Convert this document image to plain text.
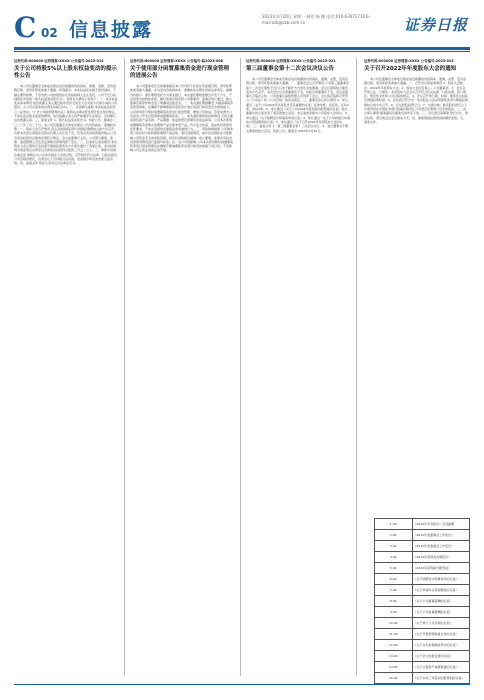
C 02 信息披露
2023年3月20日 星期一 制作:杨 柳 电话:010-63071716 E-mail:zzb@zzb.com.cn	证券日报
证券代码:000000 证券简称:XXXX 公告编号:2023-012
关于公司持股5%以上股东权益变动的提示性公告

本公司及董事会全体成员保证信息披露的内容真实、准确、完整，没有虚假记载、误导性陈述或重大遗漏。特别提示：本次权益变动属于股份减持，不触及要约收购，不会导致公司控股股东及实际控制人发生变化。公司于近日收到股东出具的《简式权益变动报告书》，现将有关情况公告如下：一、本次权益变动基本情况 信息披露义务人通过集中竞价交易及大宗交易方式累计减持公司股份，占公司总股本的比例变动超过1%。二、其他相关说明 本次权益变动符合《证券法》《上市公司收购管理办法》等相关法律法规及规范性文件的规定，不存在违反相关承诺的情形。信息披露义务人将严格遵守有关规定，及时履行信息披露义务。三、备查文件 1、简式权益变动报告书。特此公告。董事会 二〇二三年三月二十日。本公司及董事会全体成员保证公告内容真实、准确和完整。一、股东大会召开情况 会议采取现场投票与网络投票相结合的方式召开，出席本次会议的股东及股东代理人共计若干名，代表有表决权的股份数占公司有表决权股份总数的比例符合规定。会议由董事长主持，公司部分董事、监事、高级管理人员及见证律师出席或列席了会议。二、议案审议表决情况 本次股东大会以现场记名投票及网络投票表决方式审议通过了各项议案，表决结果均为同意票占出席会议有效表决权股份总数的三分之二以上。三、律师出具的法律意见 律师认为公司本次股东大会的召集、召开程序符合法律、行政法规及公司章程的规定，出席会议人员资格合法有效，表决程序和表决结果合法有效。四、备查文件 股东大会决议及法律意见书。

证券代码:600000 证券简称:XXXX 公告编号:临2023-008
关于使用部分闲置募集资金进行现金管理的进展公告

本公司董事会及全体董事保证本公告内容不存在任何虚假记载、误导性陈述或者重大遗漏，并对其内容的真实性、准确性和完整性承担法律责任。重要内容提示：委托理财受托方为商业银行，本次委托理财金额合计若干万元，产品类型为结构性存款，履行的审议程序经公司董事会、监事会审议通过，独立董事及保荐机构发表了明确同意的意见。一、本次委托理财概况 为提高募集资金使用效率，在确保不影响募集资金投资计划正常进行和资金安全的前提下，公司使用部分暂时闲置募集资金进行现金管理，增加公司收益。资金来源为公司首次公开发行股票的闲置募集资金。二、本次委托理财的具体情况 合同主要条款包括产品名称、产品期限、收益类型及预期年化收益率等。公司本次使用闲置募集资金购买的理财产品为保本型产品，符合安全性高、流动性好的使用条件要求，不存在变相改变募集资金用途的行为。三、风险控制措施 公司财务部门将及时分析和跟踪理财产品投向、项目进展情况，如评估发现存在可能影响公司资金安全的风险因素，将及时采取相应措施。独立董事、监事会有权对资金使用情况进行监督与检查。四、对公司的影响 公司本次使用暂时闲置募集资金进行现金管理是在确保不影响募集资金项目建设的前提下进行的，不会影响公司主营业务的正常开展。

证券代码:300000 证券简称:XXXX 公告编号:2023-021
第三届董事会第十二次会议决议公告

本公司及董事会全体成员保证信息披露的内容真实、准确、完整，没有虚假记载、误导性陈述或重大遗漏。一、董事会会议召开情况 公司第三届董事会第十二次会议通知于近日以电子邮件方式送达全体董事，会议以现场结合通讯表决方式召开。本次会议应出席董事若干名，实际出席董事若干名，会议由董事长召集并主持，公司监事及高级管理人员列席了会议。会议的召集和召开符合《公司法》和《公司章程》的有关规定。二、董事会会议审议情况 1、审议通过《关于公司2022年年度报告及其摘要的议案》表决结果：同意票，反对0票，弃权0票。2、审议通过《关于公司2022年度利润分配预案的议案》独立董事对该议案发表了同意的独立意见。本议案尚需提交公司股东大会审议。3、审议通过《关于续聘会计师事务所的议案》4、审议通过《关于公司向银行申请综合授信额度的议案》5、审议通过《关于召开2022年年度股东大会的议案》。三、备查文件 1、第三届董事会第十二次会议决议；2、独立董事关于相关事项的独立意见。特此公告。董事会 2023年3月20日。

证券代码:002000 证券简称:XXXX 公告编号:2023-015
关于召开2022年年度股东大会的通知

本公司及董事会全体成员保证信息披露的内容真实、准确、完整，没有虚假记载、误导性陈述或重大遗漏。一、召开会议的基本情况 1、股东大会届次：2022年年度股东大会。2、股东大会的召集人：公司董事会。3、会议召开的合法、合规性：本次股东大会会议召开符合有关法律、行政法规、部门规章、规范性文件和公司章程的规定。4、会议召开的日期、时间：现场会议时间及网络投票时间。5、会议的召开方式：本次股东大会采用现场表决与网络投票相结合的方式召开。6、会议的股权登记日。7、出席对象：截至股权登记日下午收市时在中国证券登记结算有限责任公司登记在册的公司全体股东。二、会议审议事项 提案编码及提案名称详见下表。三、会议登记等事项 登记方式、登记时间、登记地点及会议联系方式。四、参加网络投票的具体操作流程。五、备查文件。

1.00	《2022年年度报告》及其摘要
2.00	《2022年度董事会工作报告》
3.00	《2022年度监事会工作报告》
4.00	《2022年度财务决算报告》
5.00	《2022年度利润分配预案》
6.00	《关于续聘会计师事务所的议案》
7.00	《关于申请综合授信额度的议案》
8.00	《关于公司董事薪酬的议案》
9.00	《关于公司监事薪酬的议案》
10.00	《关于修订公司章程的议案》
11.00	《关于开展套期保值业务的议案》
12.00	《关于对外担保额度预计的议案》
13.00	《关于会计政策变更的议案》
14.00	《关于计提资产减值准备的议案》
15.00	《关于未来三年股东回报规划的议案》
